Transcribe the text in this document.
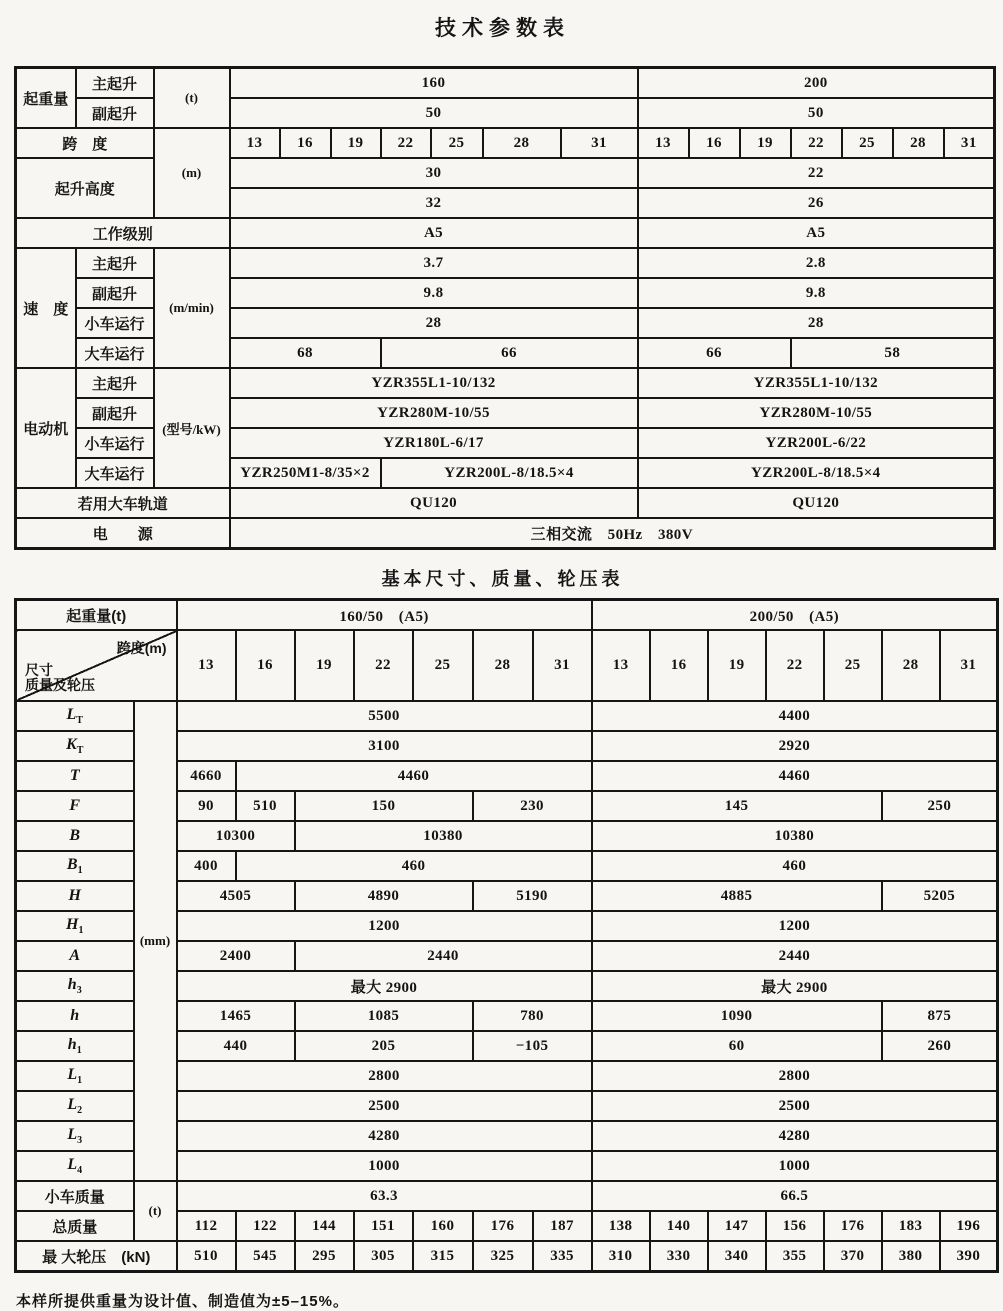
技术参数表
起重量	主起升	(t)	160							200						
	副起升		50							50						
跨　度		(m)	13	16	19	22	25	28	31	13	16	19	22	25	28	31
起升高度			30							22						
			32							26						
工作级别			A5							A5						
速　度	主起升	(m/min)	3.7							2.8						
	副起升		9.8							9.8						
	小车运行		28							28						
	大车运行		68			66				66			58			
电动机	主起升	(型号/kW)	YZR355L1-10/132							YZR355L1-10/132						
	副起升		YZR280M-10/55							YZR280M-10/55						
	小车运行		YZR180L-6/17							YZR200L-6/22						
	大车运行		YZR250M1-8/35×2			YZR200L-8/18.5×4				YZR200L-8/18.5×4						
若用大车轨道			QU120							QU120						
电　　源			三相交流　50Hz　380V													
基本尺寸、质量、轮压表
起重量(t)		160/50　(A5)							200/50　(A5)						

跨度(m)
尺寸
质量及轮压		13	16	19	22	25	28	31	13	16	19	22	25	28	31
$L_T$	(mm)	5500							4400						
$K_T$		3100							2920						
T		4660	4460						4460						
F		90	510	150			230		145					250	
B		10300		10380					10380						
$B_1$		400	460						460						
H		4505		4890			5190		4885					5205	
$H_1$		1200							1200						
A		2400		2440					2440						
$h_3$		最大 2900							最大 2900						
h		1465		1085			780		1090					875	
$h_1$		440		205			−105		60					260	
$L_1$		2800							2800						
$L_2$		2500							2500						
$L_3$		4280							4280						
$L_4$		1000							1000						
小车质量	(t)	63.3							66.5						
总质量		112	122	144	151	160	176	187	138	140	147	156	176	183	196
最 大轮压　(kN)		510	545	295	305	315	325	335	310	330	340	355	370	380	390
本样所提供重量为设计值、制造值为±5–15%。
